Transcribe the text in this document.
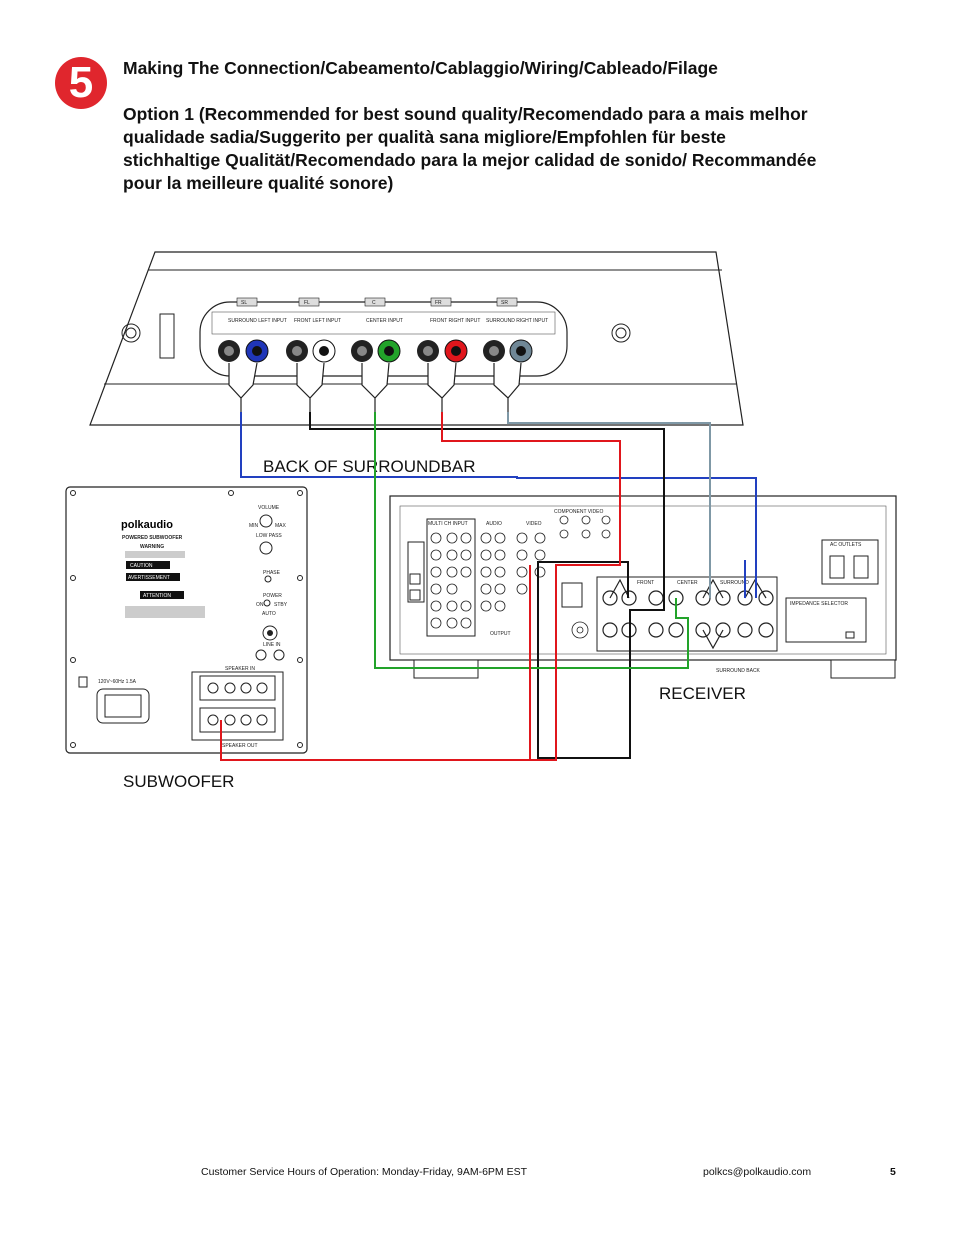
5	Making The Connection/Cabeamento/Cablaggio/Wiring/Cableado/Filage

Option 1 (Recommended for best sound quality/Recomendado para a mais melhor qualidade sadia/Suggerito per qualità sana migliore/Empfohlen für beste stichhaltige Qualität/Recomendado para la mejor calidad de sonido/ Recommandée pour la meilleure qualité sonore)

SL	FL	C	FR	SR
SURROUND LEFT INPUT FRONT LEFT INPUT	CENTER INPUT	FRONT RIGHT INPUT SURROUND RIGHT INPUT
BACK OF SURROUNDBAR
polkaudio
POWERED SUBWOOFER
WARNING
CAUTION
AVERTISSEMENT
ATTENTION
VOLUME
MIN	MAX
LOW PASS
PHASE
POWER
ON STBY
AUTO
LINE IN
120V~60Hz 1.5A
SPEAKER IN
SPEAKER OUT
SUBWOOFER
MULTI CH INPUT	AUDIO	VIDEO
COMPONENT VIDEO
OUTPUT
FRONT	CENTER	SURROUND
SURROUND BACK
IMPEDANCE SELECTOR
AC OUTLETS
RECEIVER
Customer Service Hours of Operation: Monday-Friday, 9AM-6PM EST	polkcs@polkaudio.com	5
